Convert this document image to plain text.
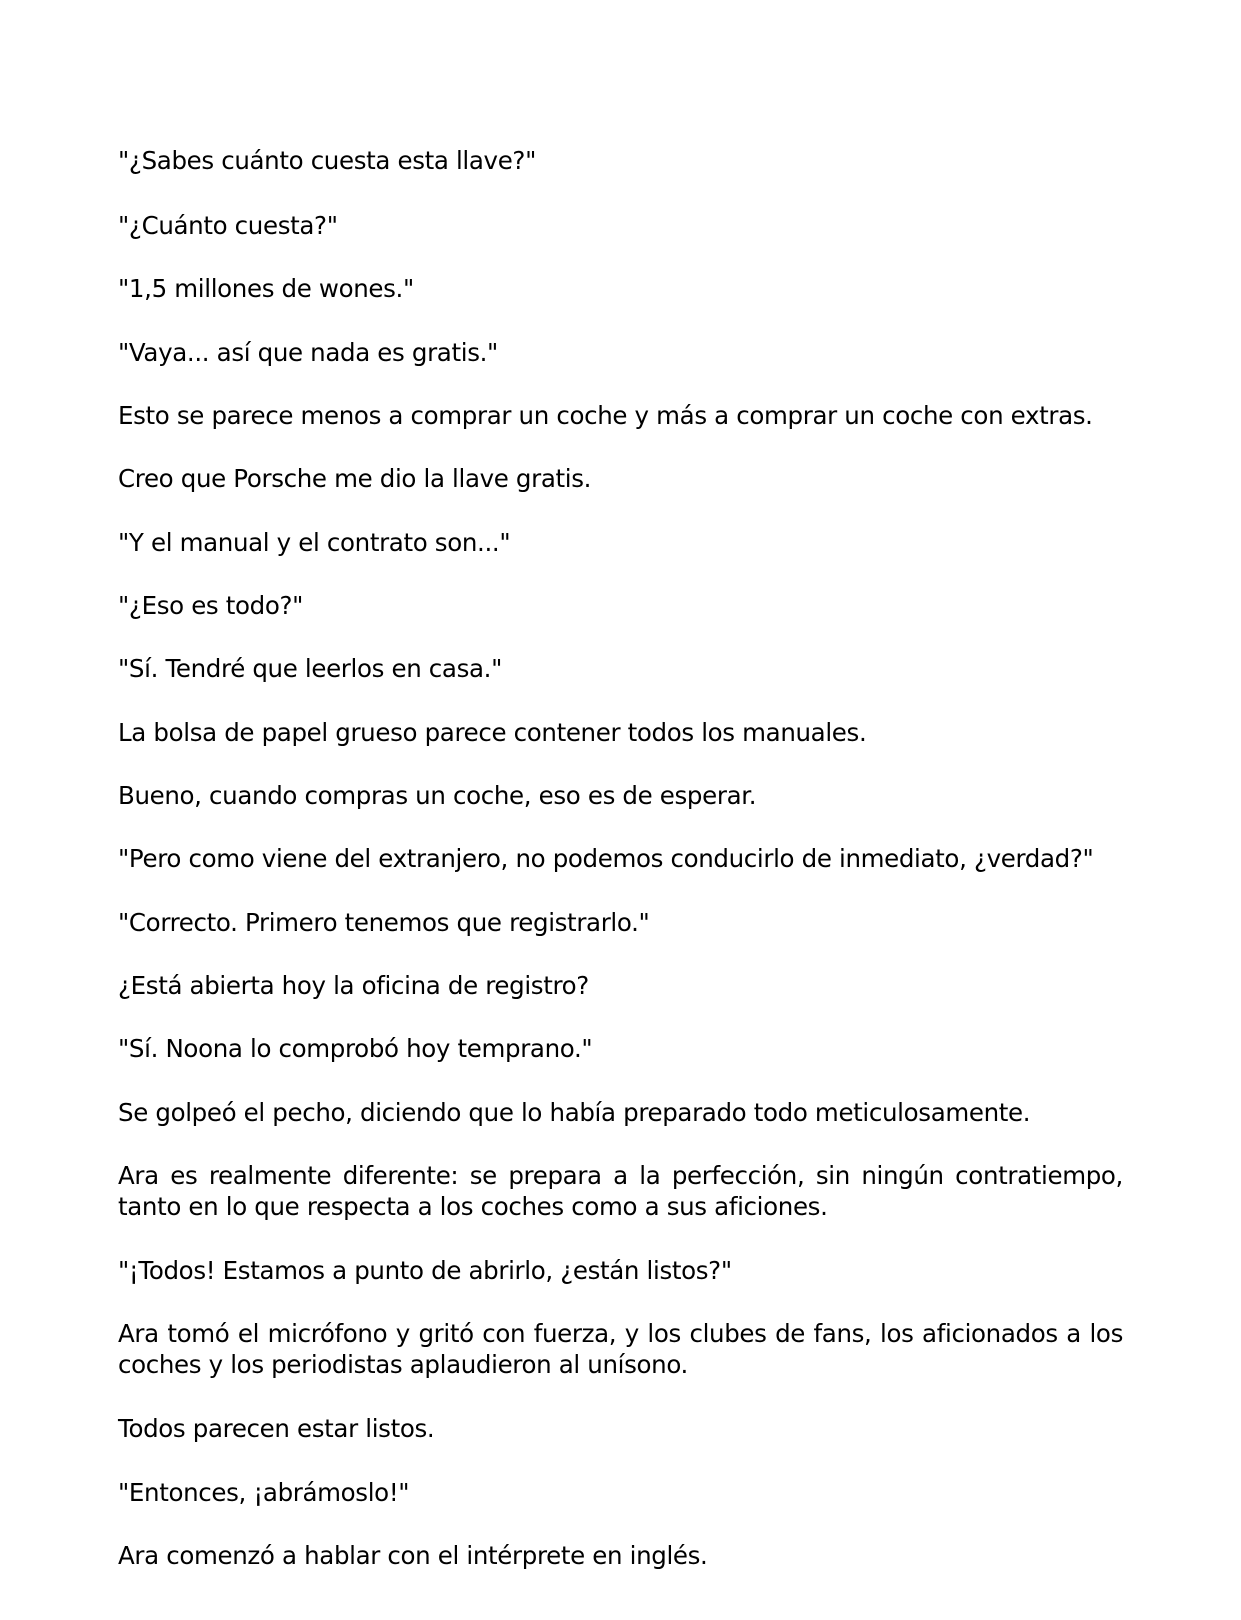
"¿Sabes cuánto cuesta esta llave?"

"¿Cuánto cuesta?"

"1,5 millones de wones."

"Vaya... así que nada es gratis."

Esto se parece menos a comprar un coche y más a comprar un coche con extras.

Creo que Porsche me dio la llave gratis.

"Y el manual y el contrato son..."

"¿Eso es todo?"

"Sí. Tendré que leerlos en casa."

La bolsa de papel grueso parece contener todos los manuales.

Bueno, cuando compras un coche, eso es de esperar.

"Pero como viene del extranjero, no podemos conducirlo de inmediato, ¿verdad?"

"Correcto. Primero tenemos que registrarlo."

¿Está abierta hoy la oficina de registro?

"Sí. Noona lo comprobó hoy temprano."

Se golpeó el pecho, diciendo que lo había preparado todo meticulosamente.

Ara es realmente diferente: se prepara a la perfección, sin ningún contratiempo, tanto en lo que respecta a los coches como a sus aficiones.

"¡Todos! Estamos a punto de abrirlo, ¿están listos?"

Ara tomó el micrófono y gritó con fuerza, y los clubes de fans, los aficionados a los coches y los periodistas aplaudieron al unísono.

Todos parecen estar listos.

"Entonces, ¡abrámoslo!"

Ara comenzó a hablar con el intérprete en inglés.
